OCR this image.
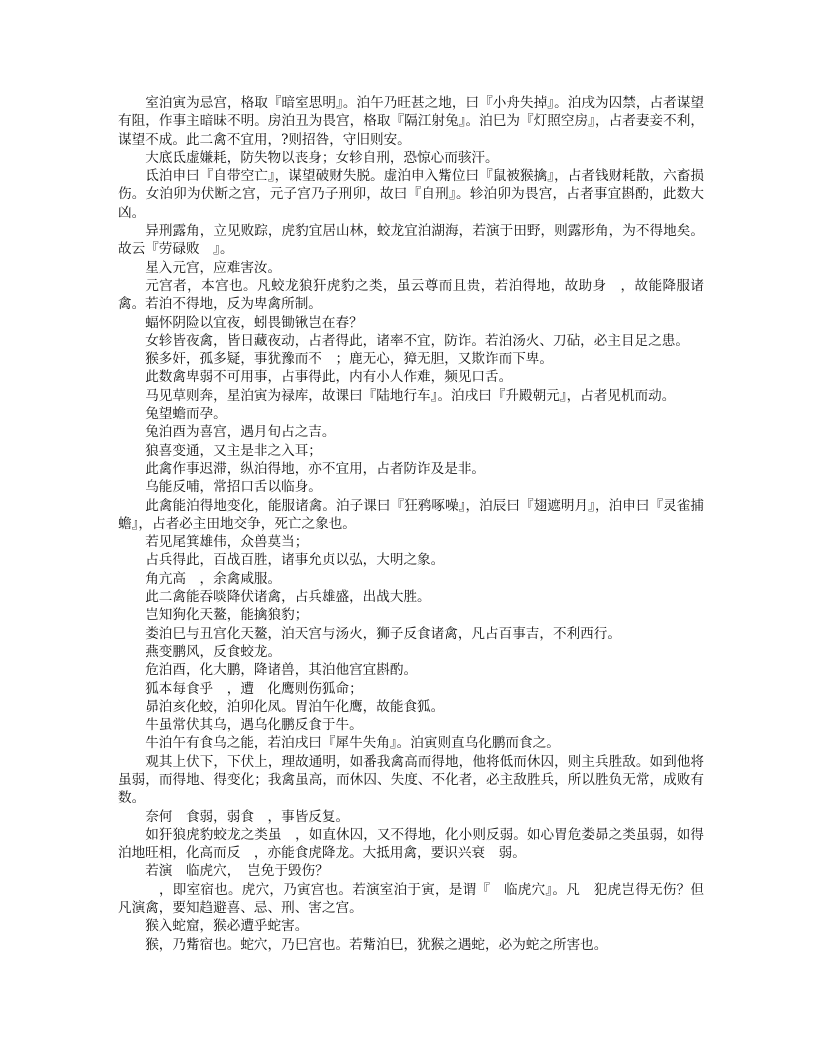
室泊寅为忌宫，格取『暗室思明』。泊午乃旺甚之地，曰『小舟失掉』。泊戌为囚禁，占者谋望有阻，作事主暗昧不明。房泊丑为畏宫，格取『隔江射兔』。泊巳为『灯照空房』，占者妻妾不利，谋望不成。此二禽不宜用，?则招咎，守旧则安。

大底氐虚嫌耗，防失物以丧身；女轸自刑，恐惊心而骇汗。

氐泊申曰『自带空亡』，谋望破财失脱。虚泊申入觜位曰『鼠被猴擒』，占者钱财耗散，六畜损伤。女泊卯为伏断之宫，元子宫乃子刑卯，故曰『自刑』。轸泊卯为畏宫，占者事宜斟酌，此数大凶。

异刑露角，立见败踪，虎豹宜居山林，蛟龙宜泊湖海，若演于田野，则露形角，为不得地矣。故云『劳碌败　』。

星入元宫，应难害汝。

元宫者，本宫也。凡蛟龙狼犴虎豹之类，虽云尊而且贵，若泊得地，故助身　，故能降服诸禽。若泊不得地，反为卑禽所制。

蝠怀阴险以宜夜，蚓畏锄锹岂在春？

女轸皆夜禽，皆日藏夜动，占者得此，诸率不宜，防诈。若泊汤火、刀砧，必主目足之患。

猴多奸，孤多疑，事犹豫而不　；鹿无心，獐无胆，又欺诈而下卑。

此数禽卑弱不可用事，占事得此，内有小人作难，频见口舌。

马见草则奔，星泊寅为禄库，故课曰『陆地行车』。泊戌曰『升殿朝元』，占者见机而动。

兔望蟾而孕。

兔泊酉为喜宫，遇月旬占之吉。

狼喜变通，又主是非之入耳；

此禽作事迟滞，纵泊得地，亦不宜用，占者防诈及是非。

乌能反哺，常招口舌以临身。

此禽能泊得地变化，能服诸禽。泊子课曰『狂鸦啄噪』，泊辰曰『翅遮明月』，泊申曰『灵雀捕蟾』，占者必主田地交争，死亡之象也。

若见尾箕雄伟，众兽莫当；

占兵得此，百战百胜，诸事允贞以弘，大明之象。

角亢高　，余禽咸服。

此二禽能吞啖降伏诸禽，占兵雄盛，出战大胜。

岂知狗化天鳌，能擒狼豹；

娄泊巳与丑宫化天鳌，泊天宫与汤火，狮子反食诸禽，凡占百事吉，不利西行。

燕变鹏风，反食蛟龙。

危泊酉，化大鹏，降诸兽，其泊他宫宜斟酌。

狐本每食乎　，遭　化鹰则伤狐命；

昴泊亥化蛟，泊卯化凤。胃泊午化鹰，故能食狐。

牛虽常伏其乌，遇乌化鹏反食于牛。

牛泊午有食乌之能，若泊戌曰『犀牛失角』。泊寅则直乌化鹏而食之。

观其上伏下，下伏上，理故通明，如番我禽高而得地，他将低而休囚，则主兵胜敌。如到他将虽弱，而得地、得变化；我禽虽高，而休囚、失度、不化者，必主敌胜兵，所以胜负无常，成败有数。

奈何　食弱，弱食　，事皆反复。

如犴狼虎豹蛟龙之类虽　，如直休囚，又不得地，化小则反弱。如心胃危娄昴之类虽弱，如得泊地旺相，化高而反　，亦能食虎降龙。大抵用禽，要识兴衰　弱。

若演　临虎穴，　岂免于毁伤？

　，即室宿也。虎穴，乃寅宫也。若演室泊于寅，是谓『　临虎穴』。凡　犯虎岂得无伤？但凡演禽，要知趋避喜、忌、刑、害之宫。

猴入蛇窟，猴必遭乎蛇害。

猴，乃觜宿也。蛇穴，乃巳宫也。若觜泊巳，犹猴之遇蛇，必为蛇之所害也。
